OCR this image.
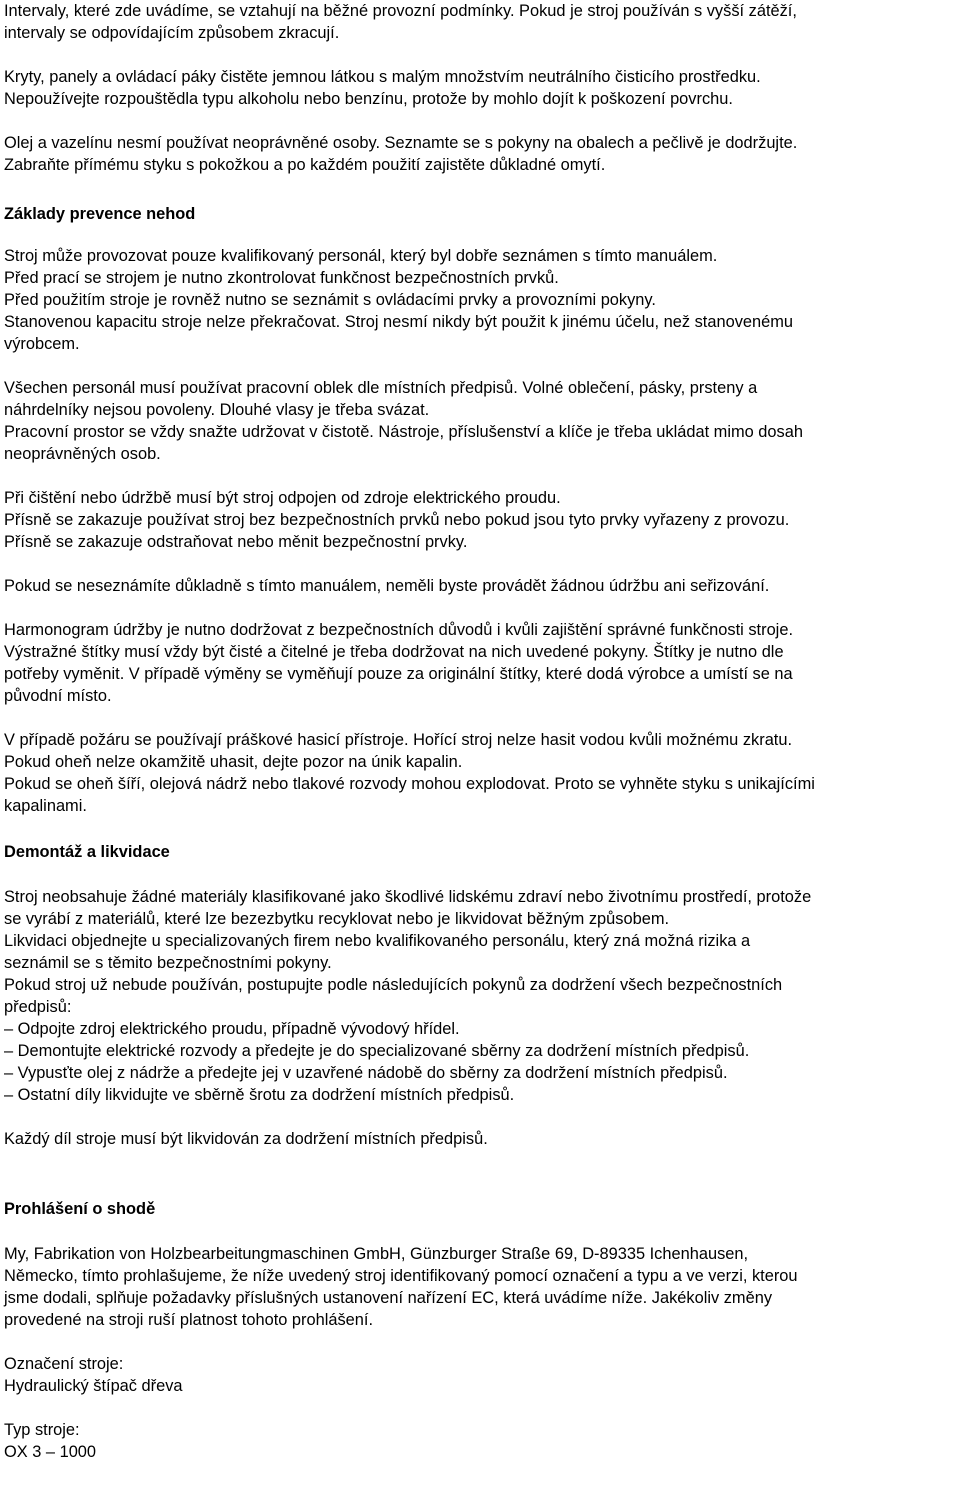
Intervaly, které zde uvádíme, se vztahují na běžné provozní podmínky. Pokud je stroj používán s vyšší zátěží,

intervaly se odpovídajícím způsobem zkracují.

Kryty, panely a ovládací páky čistěte jemnou látkou s malým množstvím neutrálního čisticího prostředku.

Nepoužívejte rozpouštědla typu alkoholu nebo benzínu, protože by mohlo dojít k poškození povrchu.

Olej a vazelínu nesmí používat neoprávněné osoby. Seznamte se s pokyny na obalech a pečlivě je dodržujte.

Zabraňte přímému styku s pokožkou a po každém použití zajistěte důkladné omytí.

Základy prevence nehod

Stroj může provozovat pouze kvalifikovaný personál, který byl dobře seznámen s tímto manuálem.

Před prací se strojem je nutno zkontrolovat funkčnost bezpečnostních prvků.

Před použitím stroje je rovněž nutno se seznámit s ovládacími prvky a provozními pokyny.

Stanovenou kapacitu stroje nelze překračovat. Stroj nesmí nikdy být použit k jinému účelu, než stanovenému

výrobcem.

Všechen personál musí používat pracovní oblek dle místních předpisů. Volné oblečení, pásky, prsteny a

náhrdelníky nejsou povoleny. Dlouhé vlasy je třeba svázat.

Pracovní prostor se vždy snažte udržovat v čistotě. Nástroje, příslušenství a klíče je třeba ukládat mimo dosah

neoprávněných osob.

Při čištění nebo údržbě musí být stroj odpojen od zdroje elektrického proudu.

Přísně se zakazuje používat stroj bez bezpečnostních prvků nebo pokud jsou tyto prvky vyřazeny z provozu.

Přísně se zakazuje odstraňovat nebo měnit bezpečnostní prvky.

Pokud se neseznámíte důkladně s tímto manuálem, neměli byste provádět žádnou údržbu ani seřizování.

Harmonogram údržby je nutno dodržovat z bezpečnostních důvodů i kvůli zajištění správné funkčnosti stroje.

Výstražné štítky musí vždy být čisté a čitelné je třeba dodržovat na nich uvedené pokyny. Štítky je nutno dle

potřeby vyměnit. V případě výměny se vyměňují pouze za originální štítky, které dodá výrobce a umístí se na

původní místo.

V případě požáru se používají práškové hasicí přístroje. Hořící stroj nelze hasit vodou kvůli možnému zkratu.

Pokud oheň nelze okamžitě uhasit, dejte pozor na únik kapalin.

Pokud se oheň šíří, olejová nádrž nebo tlakové rozvody mohou explodovat. Proto se vyhněte styku s unikajícími

kapalinami.

Demontáž a likvidace

Stroj neobsahuje žádné materiály klasifikované jako škodlivé lidskému zdraví nebo životnímu prostředí, protože

se vyrábí z materiálů, které lze bezezbytku recyklovat nebo je likvidovat běžným způsobem.

Likvidaci objednejte u specializovaných firem nebo kvalifikovaného personálu, který zná možná rizika a

seznámil se s těmito bezpečnostními pokyny.

Pokud stroj už nebude používán, postupujte podle následujících pokynů za dodržení všech bezpečnostních

předpisů:

– Odpojte zdroj elektrického proudu, případně vývodový hřídel.

– Demontujte elektrické rozvody a předejte je do specializované sběrny za dodržení místních předpisů.

– Vypusťte olej z nádrže a předejte jej v uzavřené nádobě do sběrny za dodržení místních předpisů.

– Ostatní díly likvidujte ve sběrně šrotu za dodržení místních předpisů.

Každý díl stroje musí být likvidován za dodržení místních předpisů.

Prohlášení o shodě

My, Fabrikation von Holzbearbeitungmaschinen GmbH, Günzburger Straße 69, D-89335 Ichenhausen,

Německo, tímto prohlašujeme, že níže uvedený stroj identifikovaný pomocí označení a typu a ve verzi, kterou

jsme dodali, splňuje požadavky příslušných ustanovení nařízení EC, která uvádíme níže. Jakékoliv změny

provedené na stroji ruší platnost tohoto prohlášení.

Označení stroje:

Hydraulický štípač dřeva

Typ stroje:

OX 3 – 1000
